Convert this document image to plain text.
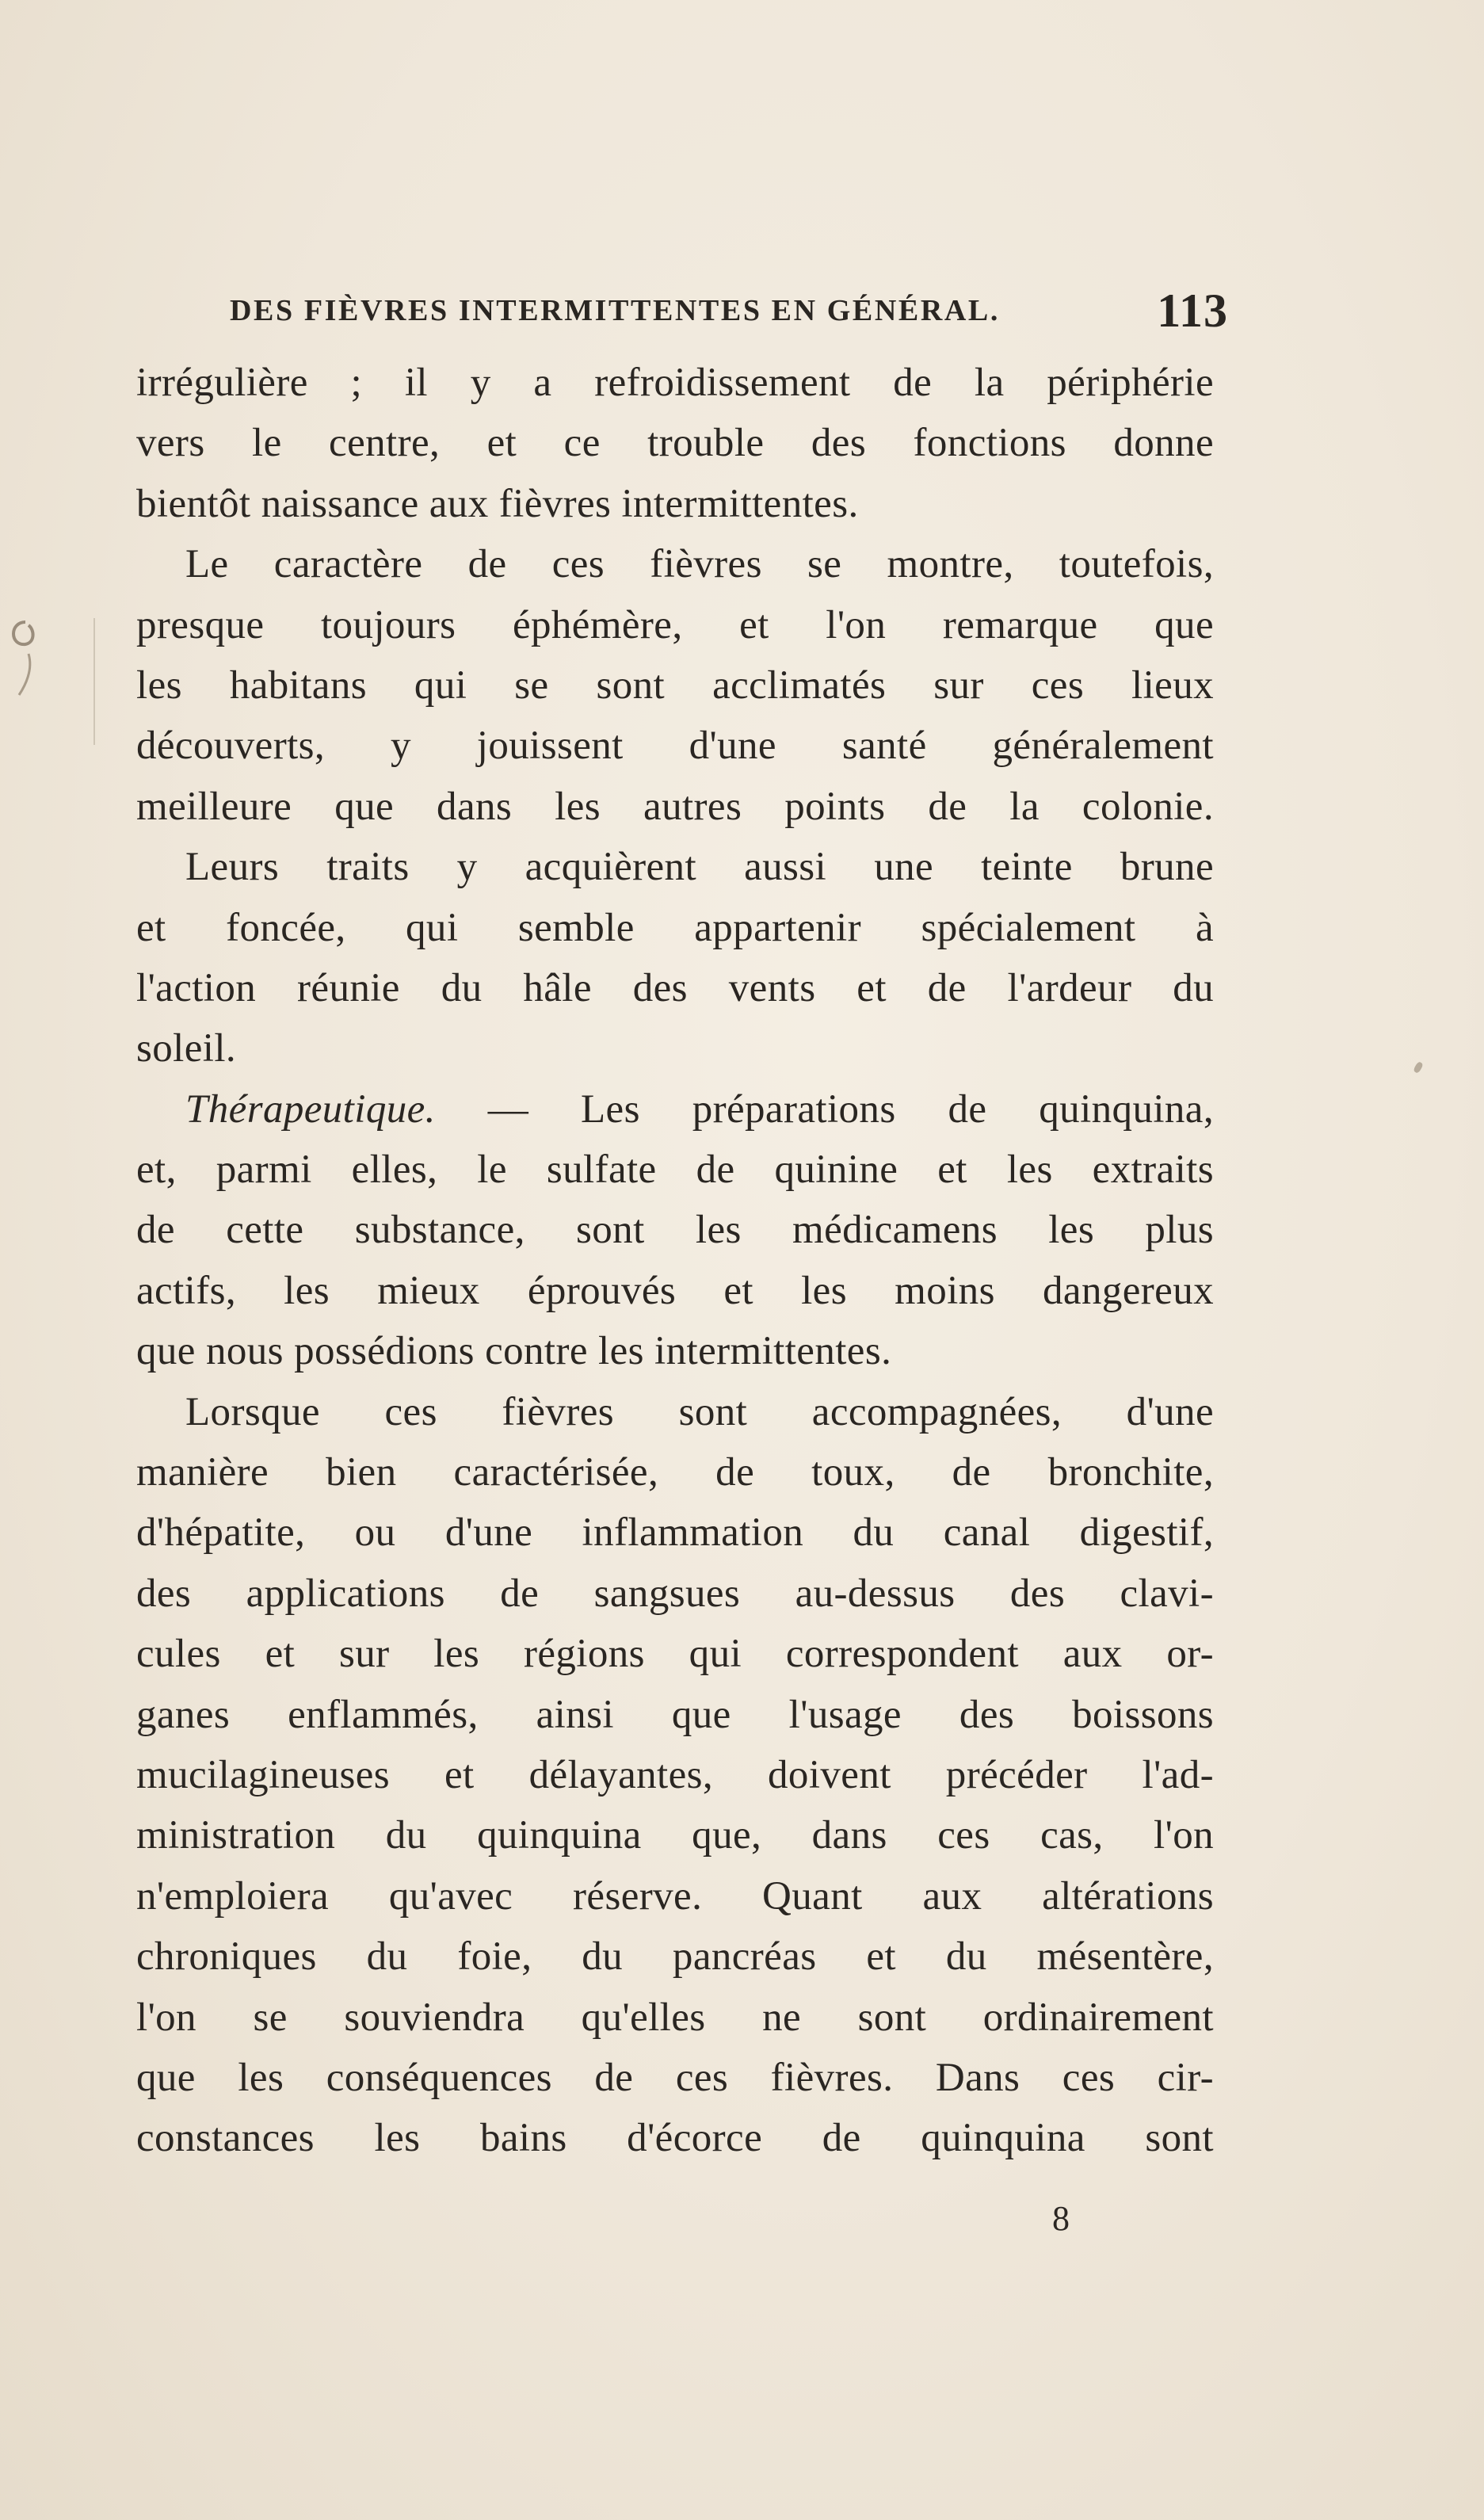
DES FIÈVRES INTERMITTENTES EN GÉNÉRAL.	113
irrégulière ; il y a refroidissement de la périphérie
vers le centre, et ce trouble des fonctions donne
bientôt naissance aux fièvres intermittentes.
Le caractère de ces fièvres se montre, toutefois,
presque toujours éphémère, et l'on remarque que
les habitans qui se sont acclimatés sur ces lieux
découverts, y jouissent d'une santé généralement
meilleure que dans les autres points de la colonie.
Leurs traits y acquièrent aussi une teinte brune
et foncée, qui semble appartenir spécialement à
l'action réunie du hâle des vents et de l'ardeur du
soleil.
Thérapeutique. — Les préparations de quinquina,
et, parmi elles, le sulfate de quinine et les extraits
de cette substance, sont les médicamens les plus
actifs, les mieux éprouvés et les moins dangereux
que nous possédions contre les intermittentes.
Lorsque ces fièvres sont accompagnées, d'une
manière bien caractérisée, de toux, de bronchite,
d'hépatite, ou d'une inflammation du canal digestif,
des applications de sangsues au-dessus des clavi-
cules et sur les régions qui correspondent aux or-
ganes enflammés, ainsi que l'usage des boissons
mucilagineuses et délayantes, doivent précéder l'ad-
ministration du quinquina que, dans ces cas, l'on
n'emploiera qu'avec réserve. Quant aux altérations
chroniques du foie, du pancréas et du mésentère,
l'on se souviendra qu'elles ne sont ordinairement
que les conséquences de ces fièvres. Dans ces cir-
constances les bains d'écorce de quinquina sont
8
